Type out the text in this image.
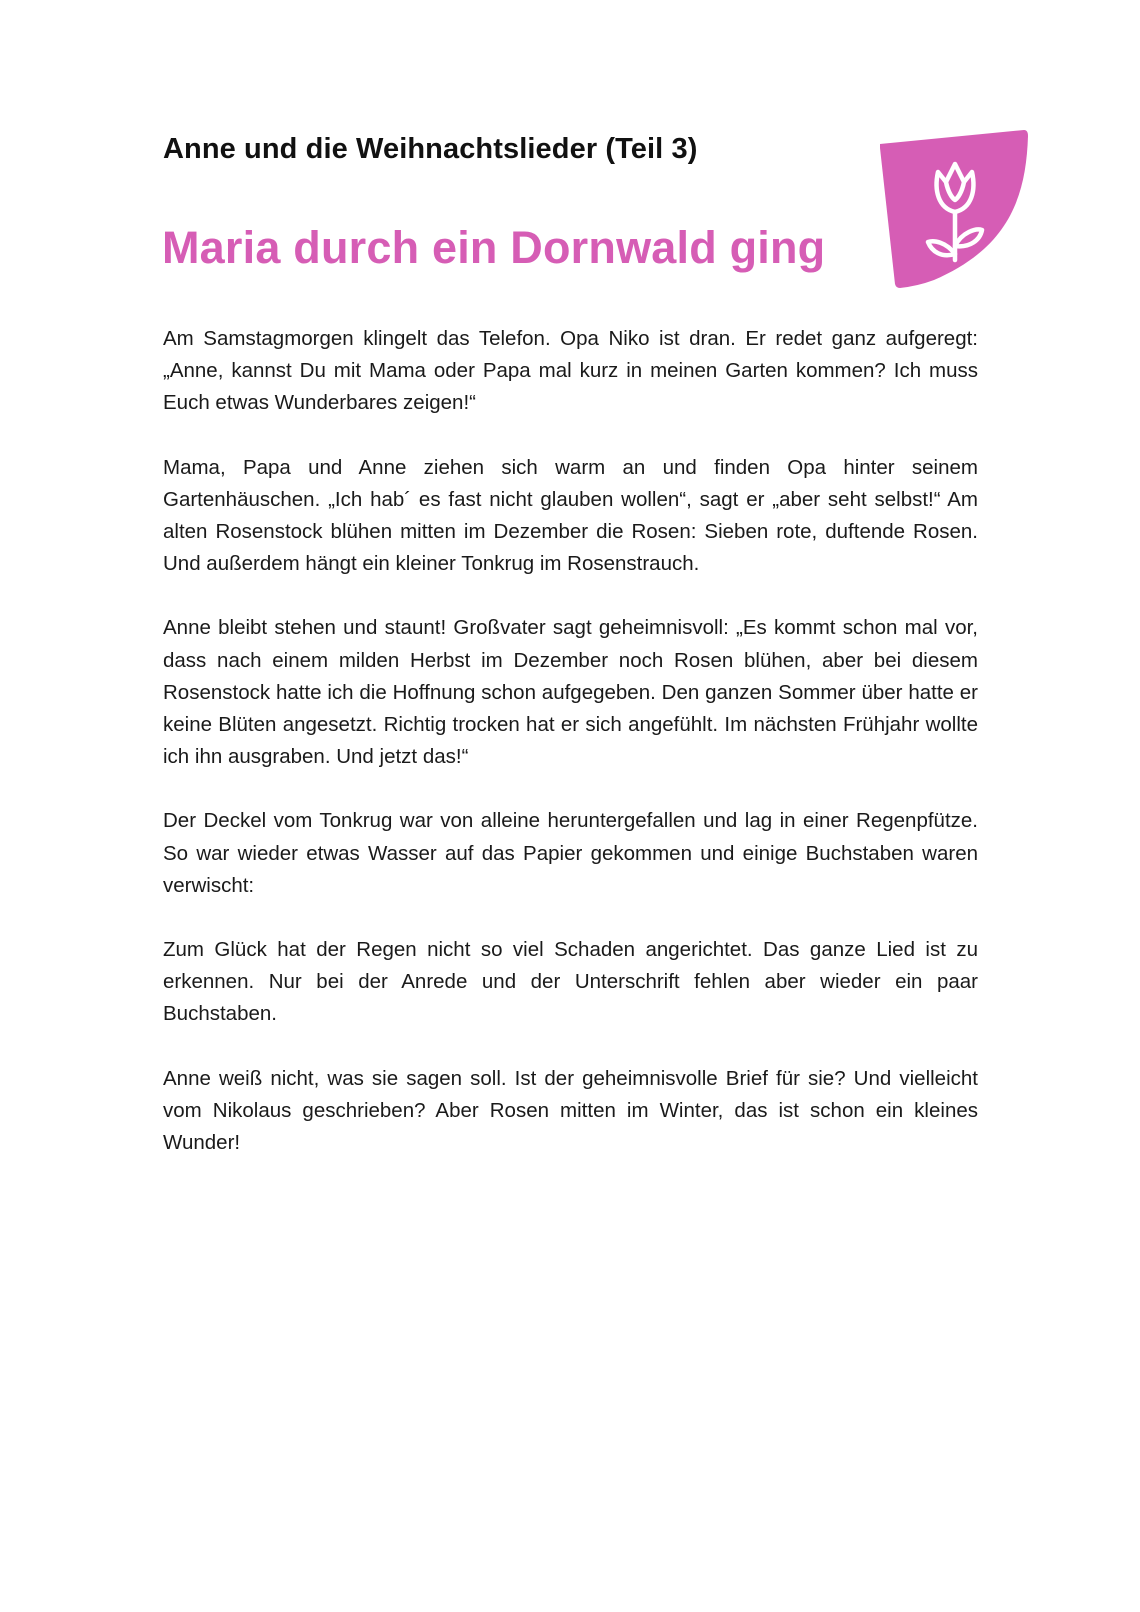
Anne und die Weihnachtslieder (Teil 3)
Maria durch ein Dornwald ging

Am Samstagmorgen klingelt das Telefon. Opa Niko ist dran. Er redet ganz aufgeregt: „Anne, kannst Du mit Mama oder Papa mal kurz in meinen Garten kommen? Ich muss Euch etwas Wunderbares zeigen!“

Mama, Papa und Anne ziehen sich warm an und finden Opa hinter seinem Gartenhäuschen. „Ich hab´ es fast nicht glauben wollen“, sagt er „aber seht selbst!“ Am alten Rosenstock blühen mitten im Dezember die Rosen: Sieben rote, duftende Rosen. Und außerdem hängt ein kleiner Tonkrug im Rosenstrauch.

Anne bleibt stehen und staunt! Großvater sagt geheimnisvoll: „Es kommt schon mal vor, dass nach einem milden Herbst im Dezember noch Rosen blühen, aber bei diesem Rosenstock hatte ich die Hoffnung schon aufgegeben. Den ganzen Sommer über hatte er keine Blüten angesetzt. Richtig trocken hat er sich angefühlt. Im nächsten Frühjahr wollte ich ihn ausgraben. Und jetzt das!“

Der Deckel vom Tonkrug war von alleine heruntergefallen und lag in einer Regenpfütze. So war wieder etwas Wasser auf das Papier gekommen und einige Buchstaben waren verwischt:

Zum Glück hat der Regen nicht so viel Schaden angerichtet. Das ganze Lied ist zu erkennen. Nur bei der Anrede und der Unterschrift fehlen aber wieder ein paar Buchstaben.

Anne weiß nicht, was sie sagen soll. Ist der geheimnisvolle Brief für sie? Und vielleicht vom Nikolaus geschrieben? Aber Rosen mitten im Winter, das ist schon ein kleines Wunder!
